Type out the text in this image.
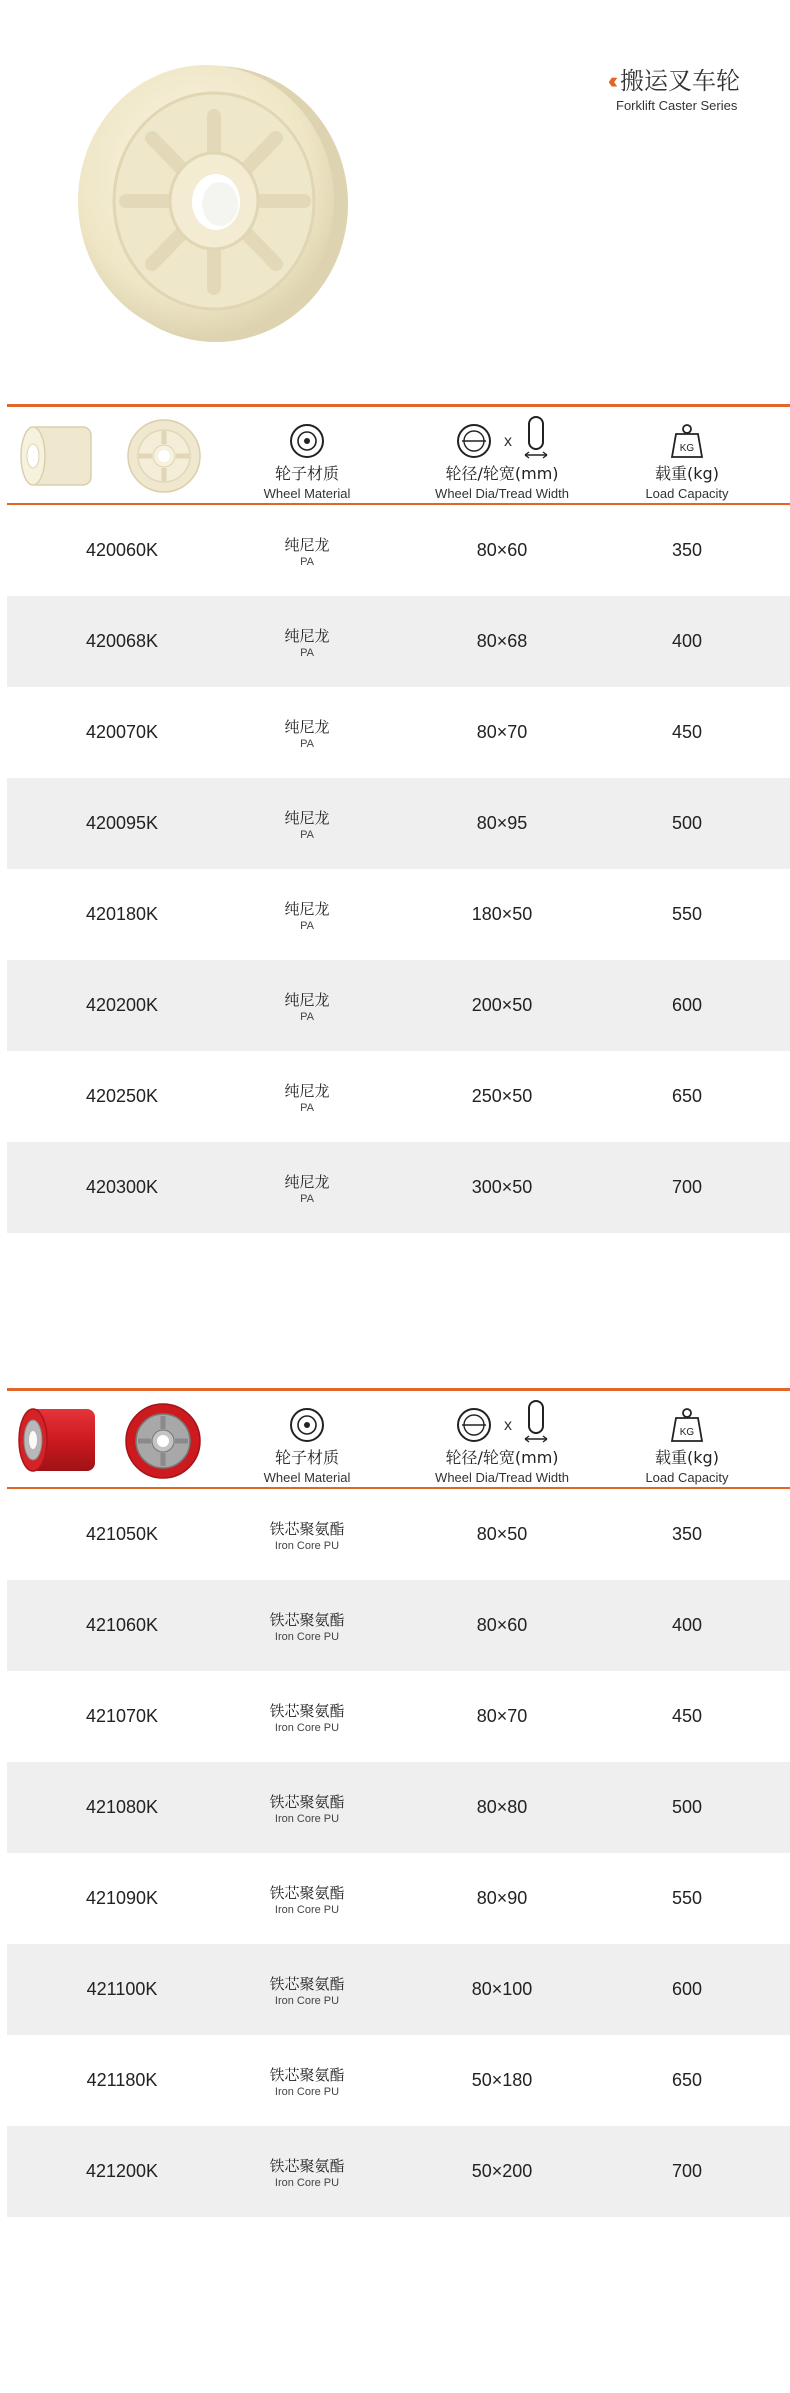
‹‹‹ 搬运叉车轮
Forklift Caster Series
轮子材质
Wheel Material
x
轮径/轮宽(mm)
Wheel Dia/Tread Width
KG
载重(kg)
Load Capacity
420060K	纯尼龙
PA
80×60	350
420068K	纯尼龙
PA
80×68	400
420070K	纯尼龙
PA
80×70	450
420095K	纯尼龙
PA
80×95	500
420180K	纯尼龙
PA
180×50	550
420200K	纯尼龙
PA
200×50	600
420250K	纯尼龙
PA
250×50	650
420300K	纯尼龙
PA
300×50	700
轮子材质
Wheel Material
x
轮径/轮宽(mm)
Wheel Dia/Tread Width
KG
载重(kg)
Load Capacity
421050K	铁芯聚氨酯
Iron Core PU
80×50	350
421060K	铁芯聚氨酯
Iron Core PU
80×60	400
421070K	铁芯聚氨酯
Iron Core PU
80×70	450
421080K	铁芯聚氨酯
Iron Core PU
80×80	500
421090K	铁芯聚氨酯
Iron Core PU
80×90	550
421100K	铁芯聚氨酯
Iron Core PU
80×100	600
421180K	铁芯聚氨酯
Iron Core PU
50×180	650
421200K	铁芯聚氨酯
Iron Core PU
50×200	700
